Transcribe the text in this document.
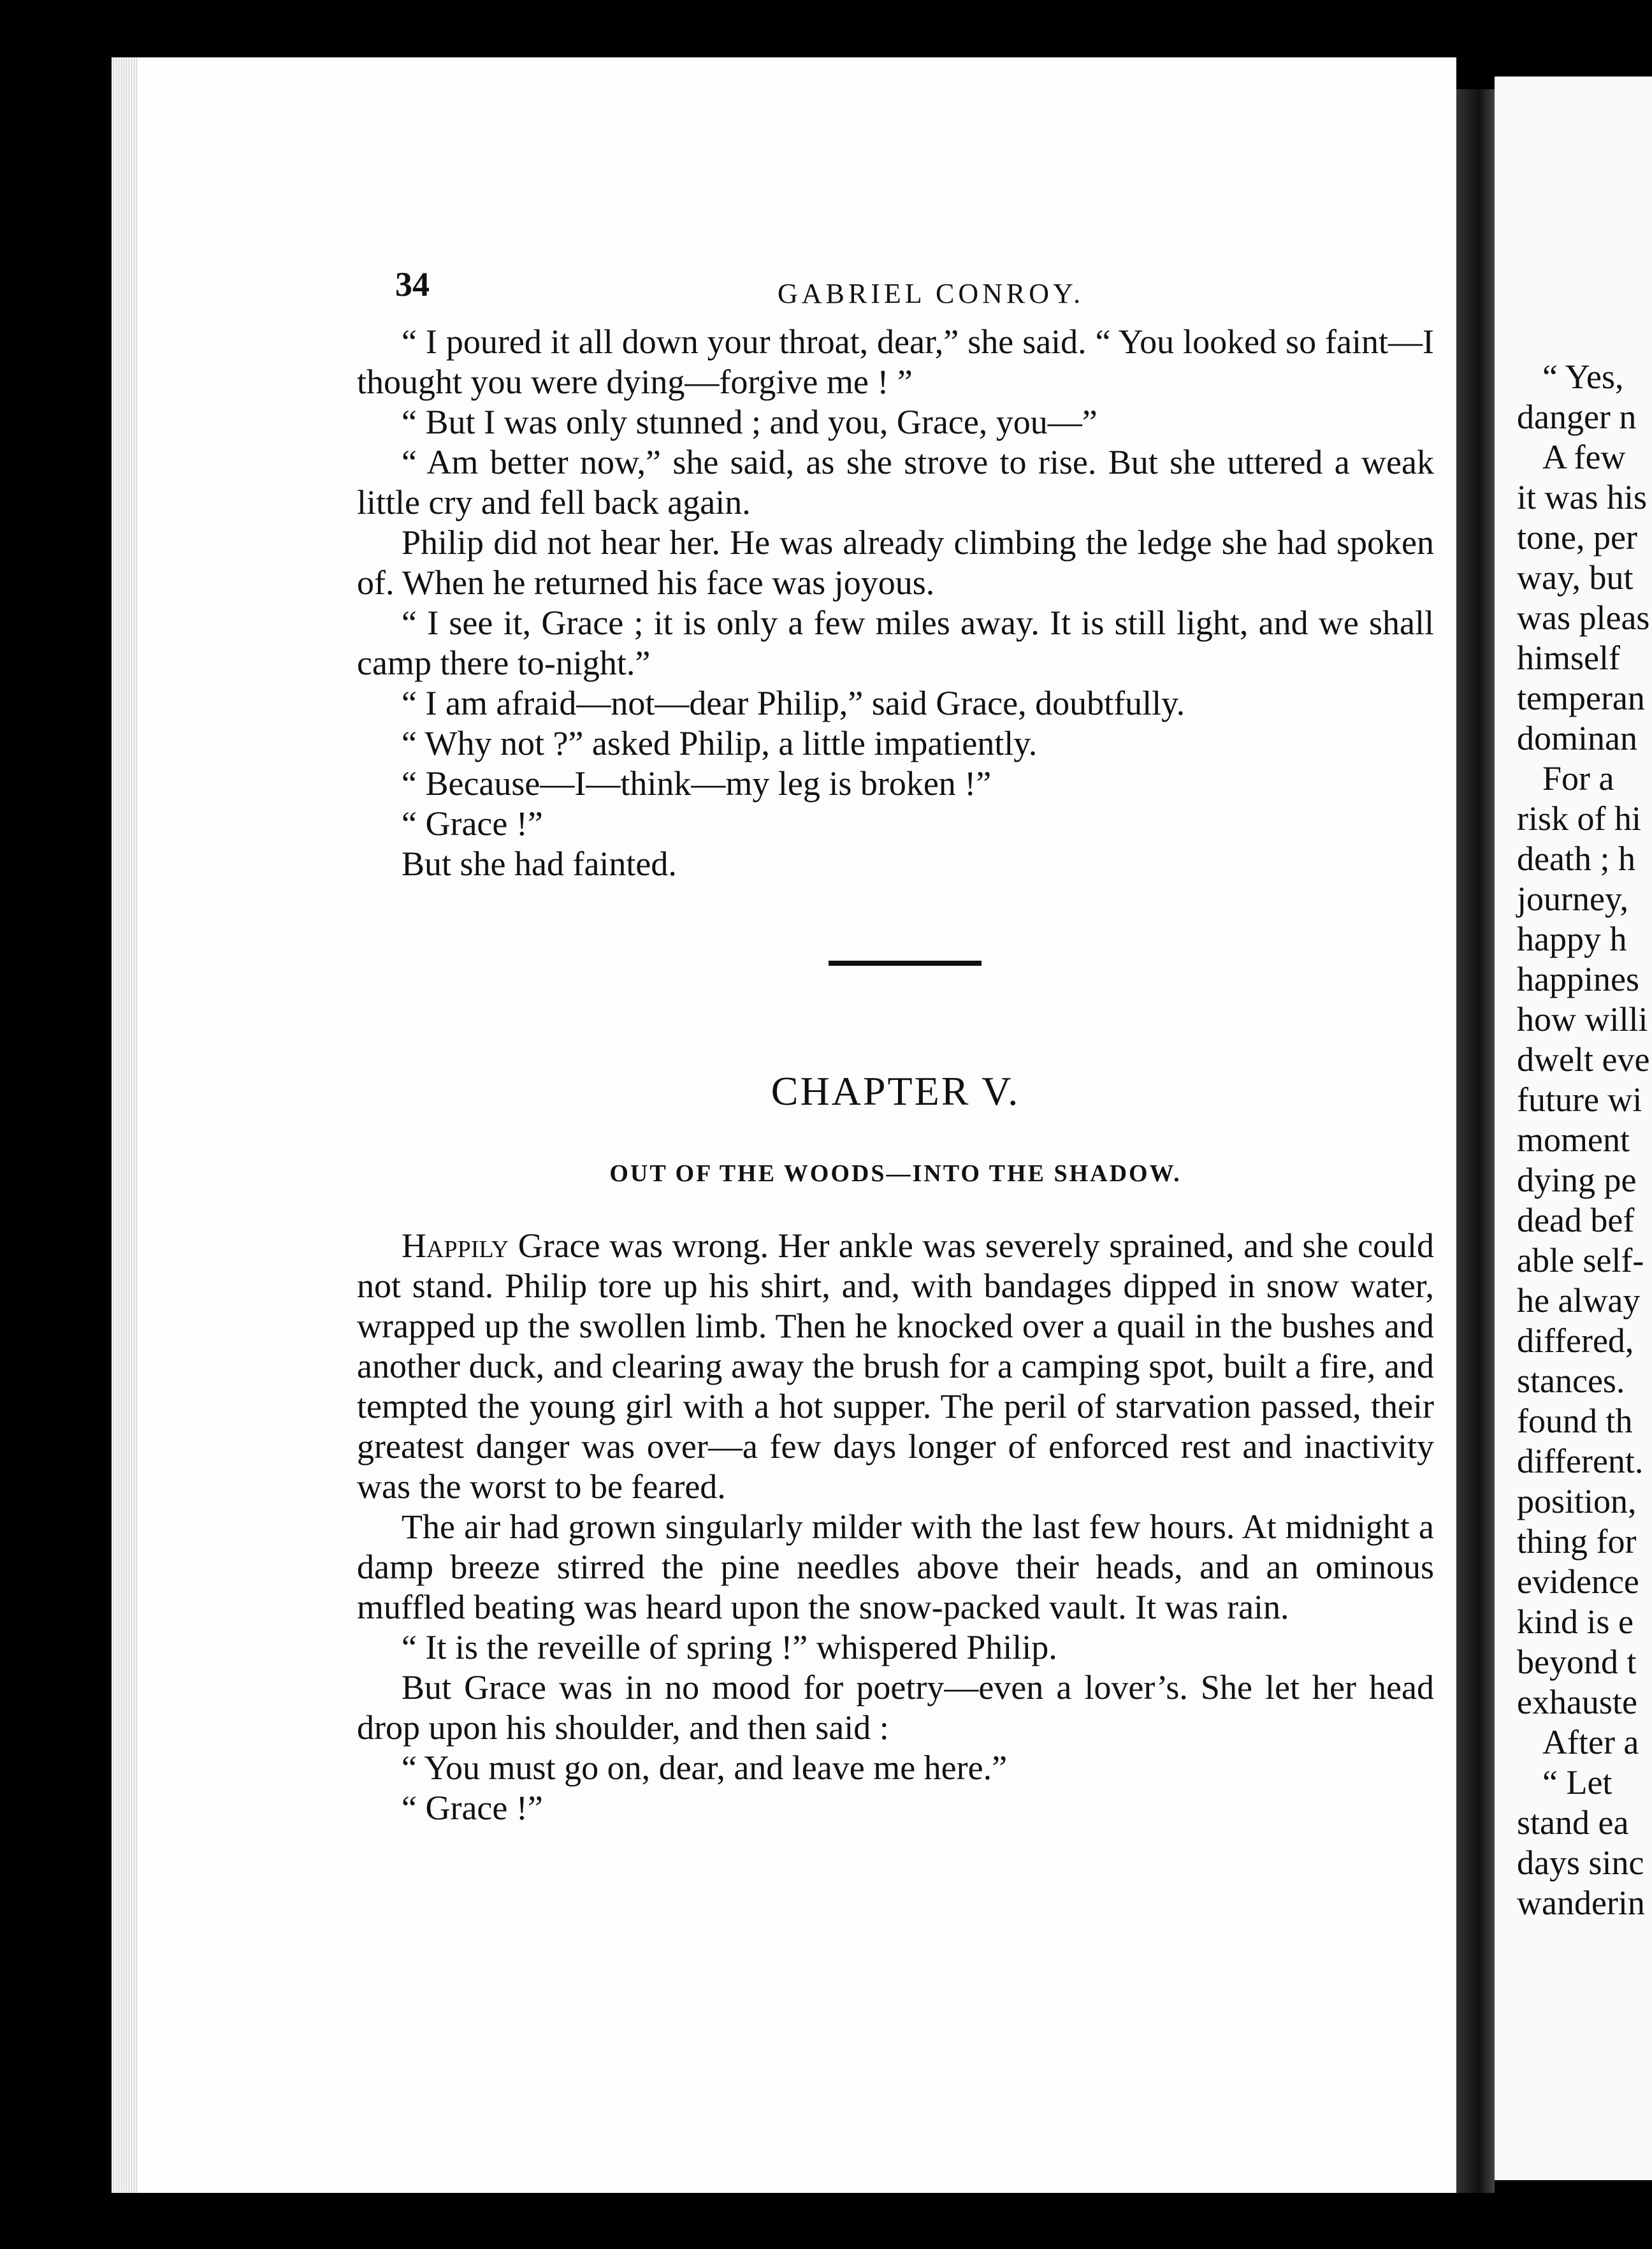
34	GABRIEL CONROY.

“ I poured it all down your throat, dear,” she said. “ You looked so faint—I thought you were dying—forgive me ! ”

“ But I was only stunned ; and you, Grace, you—”

“ Am better now,” she said, as she strove to rise. But she uttered a weak little cry and fell back again.

Philip did not hear her. He was already climbing the ledge she had spoken of. When he returned his face was joyous.

“ I see it, Grace ; it is only a few miles away. It is still light, and we shall camp there to-night.”

“ I am afraid—not—dear Philip,” said Grace, doubtfully.

“ Why not ?” asked Philip, a little impatiently.

“ Because—I—think—my leg is broken !”

“ Grace !”

But she had fainted.

CHAPTER V.
OUT OF THE WOODS—INTO THE SHADOW.

Happily Grace was wrong. Her ankle was severely sprained, and she could not stand. Philip tore up his shirt, and, with bandages dipped in snow water, wrapped up the swollen limb. Then he knocked over a quail in the bushes and another duck, and clearing away the brush for a camping spot, built a fire, and tempted the young girl with a hot supper. The peril of starvation passed, their greatest danger was over—a few days longer of enforced rest and inactivity was the worst to be feared.

The air had grown singularly milder with the last few hours. At midnight a damp breeze stirred the pine needles above their heads, and an ominous muffled beating was heard upon the snow-packed vault. It was rain.

“ It is the reveille of spring !” whispered Philip.

But Grace was in no mood for poetry—even a lover’s. She let her head drop upon his shoulder, and then said :

“ You must go on, dear, and leave me here.”

“ Grace !”

“ Yes,

danger n

A few

it was his

tone, per

way, but

was pleas

himself

temperan

dominan

For a

risk of hi

death ; h

journey,

happy h

happines

how willi

dwelt eve

future wi

moment

dying pe

dead bef

able self-

he alway

differed,

stances.

found th

different.

position,

thing for

evidence

kind is e

beyond t

exhauste

After a

“ Let

stand ea

days sinc

wanderin
